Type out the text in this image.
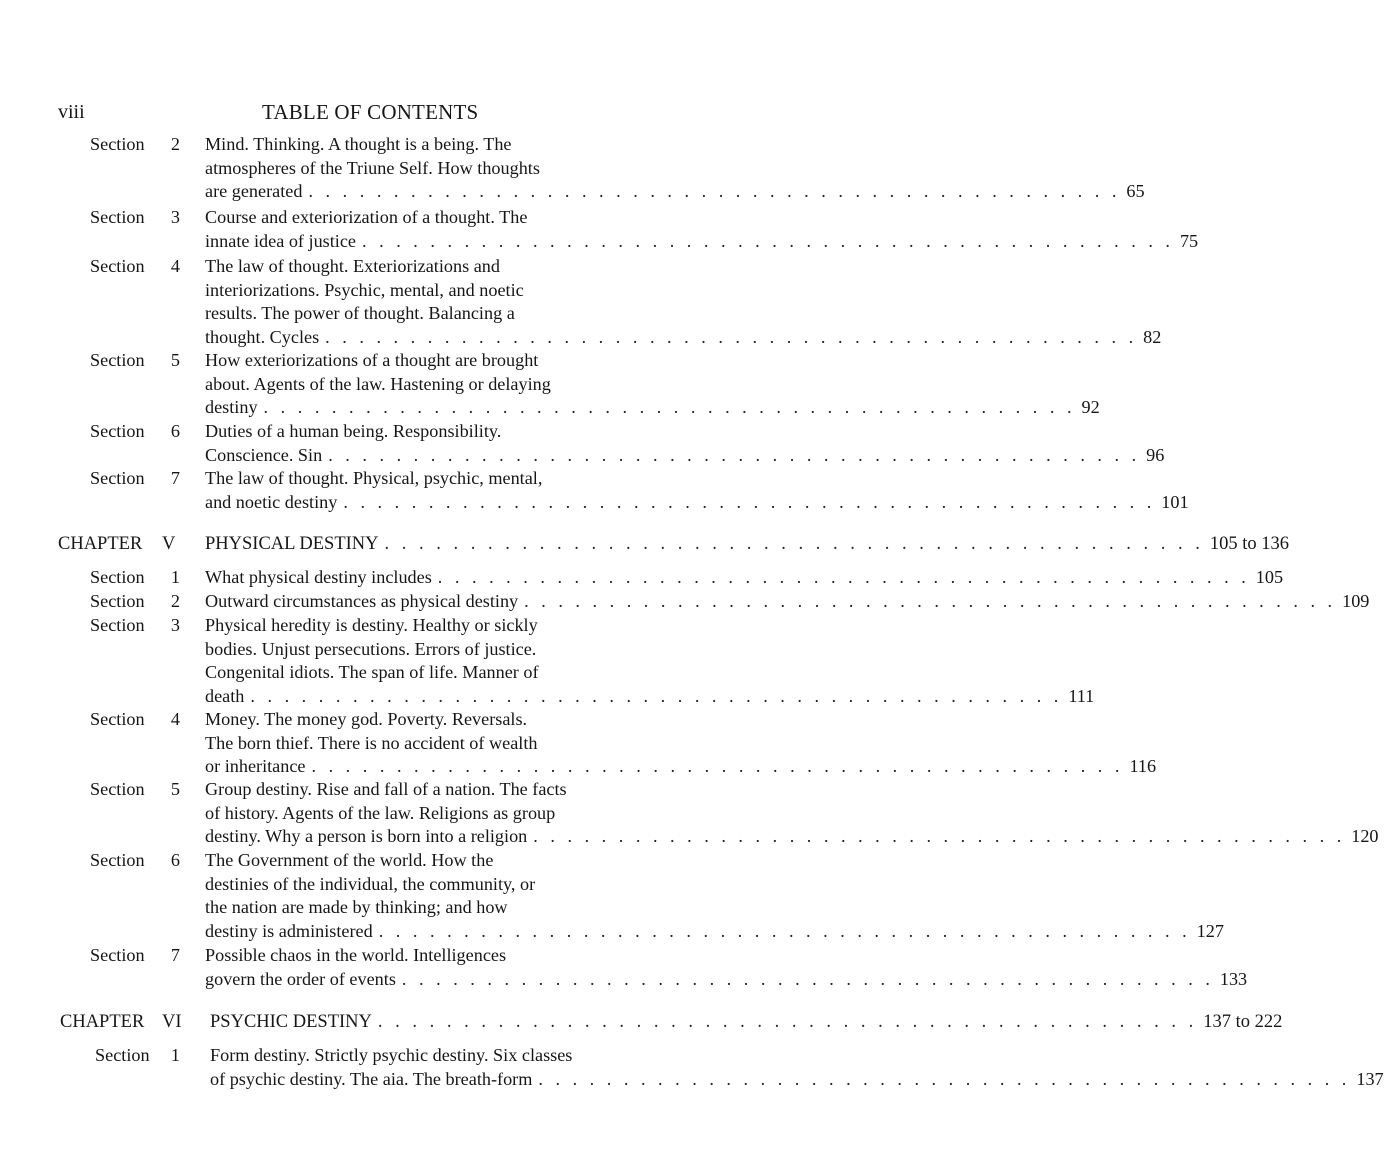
viii	TABLE OF CONTENTS
Section	2 Mind. Thinking. A thought is a being. The
atmospheres of the Triune Self. How thoughts
are generated . . . . . . . . . . . . . . . . . . . . . . . . . . . . . . . . . . . . . . . . . . . . . . . . 65
Section	3 Course and exteriorization of a thought. The
innate idea of justice . . . . . . . . . . . . . . . . . . . . . . . . . . . . . . . . . . . . . . . . . . . . . . . . 75
Section	4 The law of thought. Exteriorizations and
interiorizations. Psychic, mental, and noetic
results. The power of thought. Balancing a
thought. Cycles . . . . . . . . . . . . . . . . . . . . . . . . . . . . . . . . . . . . . . . . . . . . . . . . 82
Section	5 How exteriorizations of a thought are brought
about. Agents of the law. Hastening or delaying
destiny . . . . . . . . . . . . . . . . . . . . . . . . . . . . . . . . . . . . . . . . . . . . . . . . 92
Section	6 Duties of a human being. Responsibility.
Conscience. Sin . . . . . . . . . . . . . . . . . . . . . . . . . . . . . . . . . . . . . . . . . . . . . . . . 96
Section	7 The law of thought. Physical, psychic, mental,
and noetic destiny . . . . . . . . . . . . . . . . . . . . . . . . . . . . . . . . . . . . . . . . . . . . . . . . 101
CHAPTER V PHYSICAL DESTINY . . . . . . . . . . . . . . . . . . . . . . . . . . . . . . . . . . . . . . . . . . . . . . . . 105 to 136
Section	1 What physical destiny includes . . . . . . . . . . . . . . . . . . . . . . . . . . . . . . . . . . . . . . . . . . . . . . . . 105
Section	2 Outward circumstances as physical destiny . . . . . . . . . . . . . . . . . . . . . . . . . . . . . . . . . . . . . . . . . . . . . . . . 109
Section	3 Physical heredity is destiny. Healthy or sickly
bodies. Unjust persecutions. Errors of justice.
Congenital idiots. The span of life. Manner of
death . . . . . . . . . . . . . . . . . . . . . . . . . . . . . . . . . . . . . . . . . . . . . . . . 111
Section	4 Money. The money god. Poverty. Reversals.
The born thief. There is no accident of wealth
or inheritance . . . . . . . . . . . . . . . . . . . . . . . . . . . . . . . . . . . . . . . . . . . . . . . . 116
Section	5 Group destiny. Rise and fall of a nation. The facts
of history. Agents of the law. Religions as group
destiny. Why a person is born into a religion . . . . . . . . . . . . . . . . . . . . . . . . . . . . . . . . . . . . . . . . . . . . . . . . 120
Section	6 The Government of the world. How the
destinies of the individual, the community, or
the nation are made by thinking; and how
destiny is administered . . . . . . . . . . . . . . . . . . . . . . . . . . . . . . . . . . . . . . . . . . . . . . . . 127
Section	7 Possible chaos in the world. Intelligences
govern the order of events . . . . . . . . . . . . . . . . . . . . . . . . . . . . . . . . . . . . . . . . . . . . . . . . 133
CHAPTER VI PSYCHIC DESTINY . . . . . . . . . . . . . . . . . . . . . . . . . . . . . . . . . . . . . . . . . . . . . . . . 137 to 222
Section	1 Form destiny. Strictly psychic destiny. Six classes
of psychic destiny. The aia. The breath-form . . . . . . . . . . . . . . . . . . . . . . . . . . . . . . . . . . . . . . . . . . . . . . . . 137
